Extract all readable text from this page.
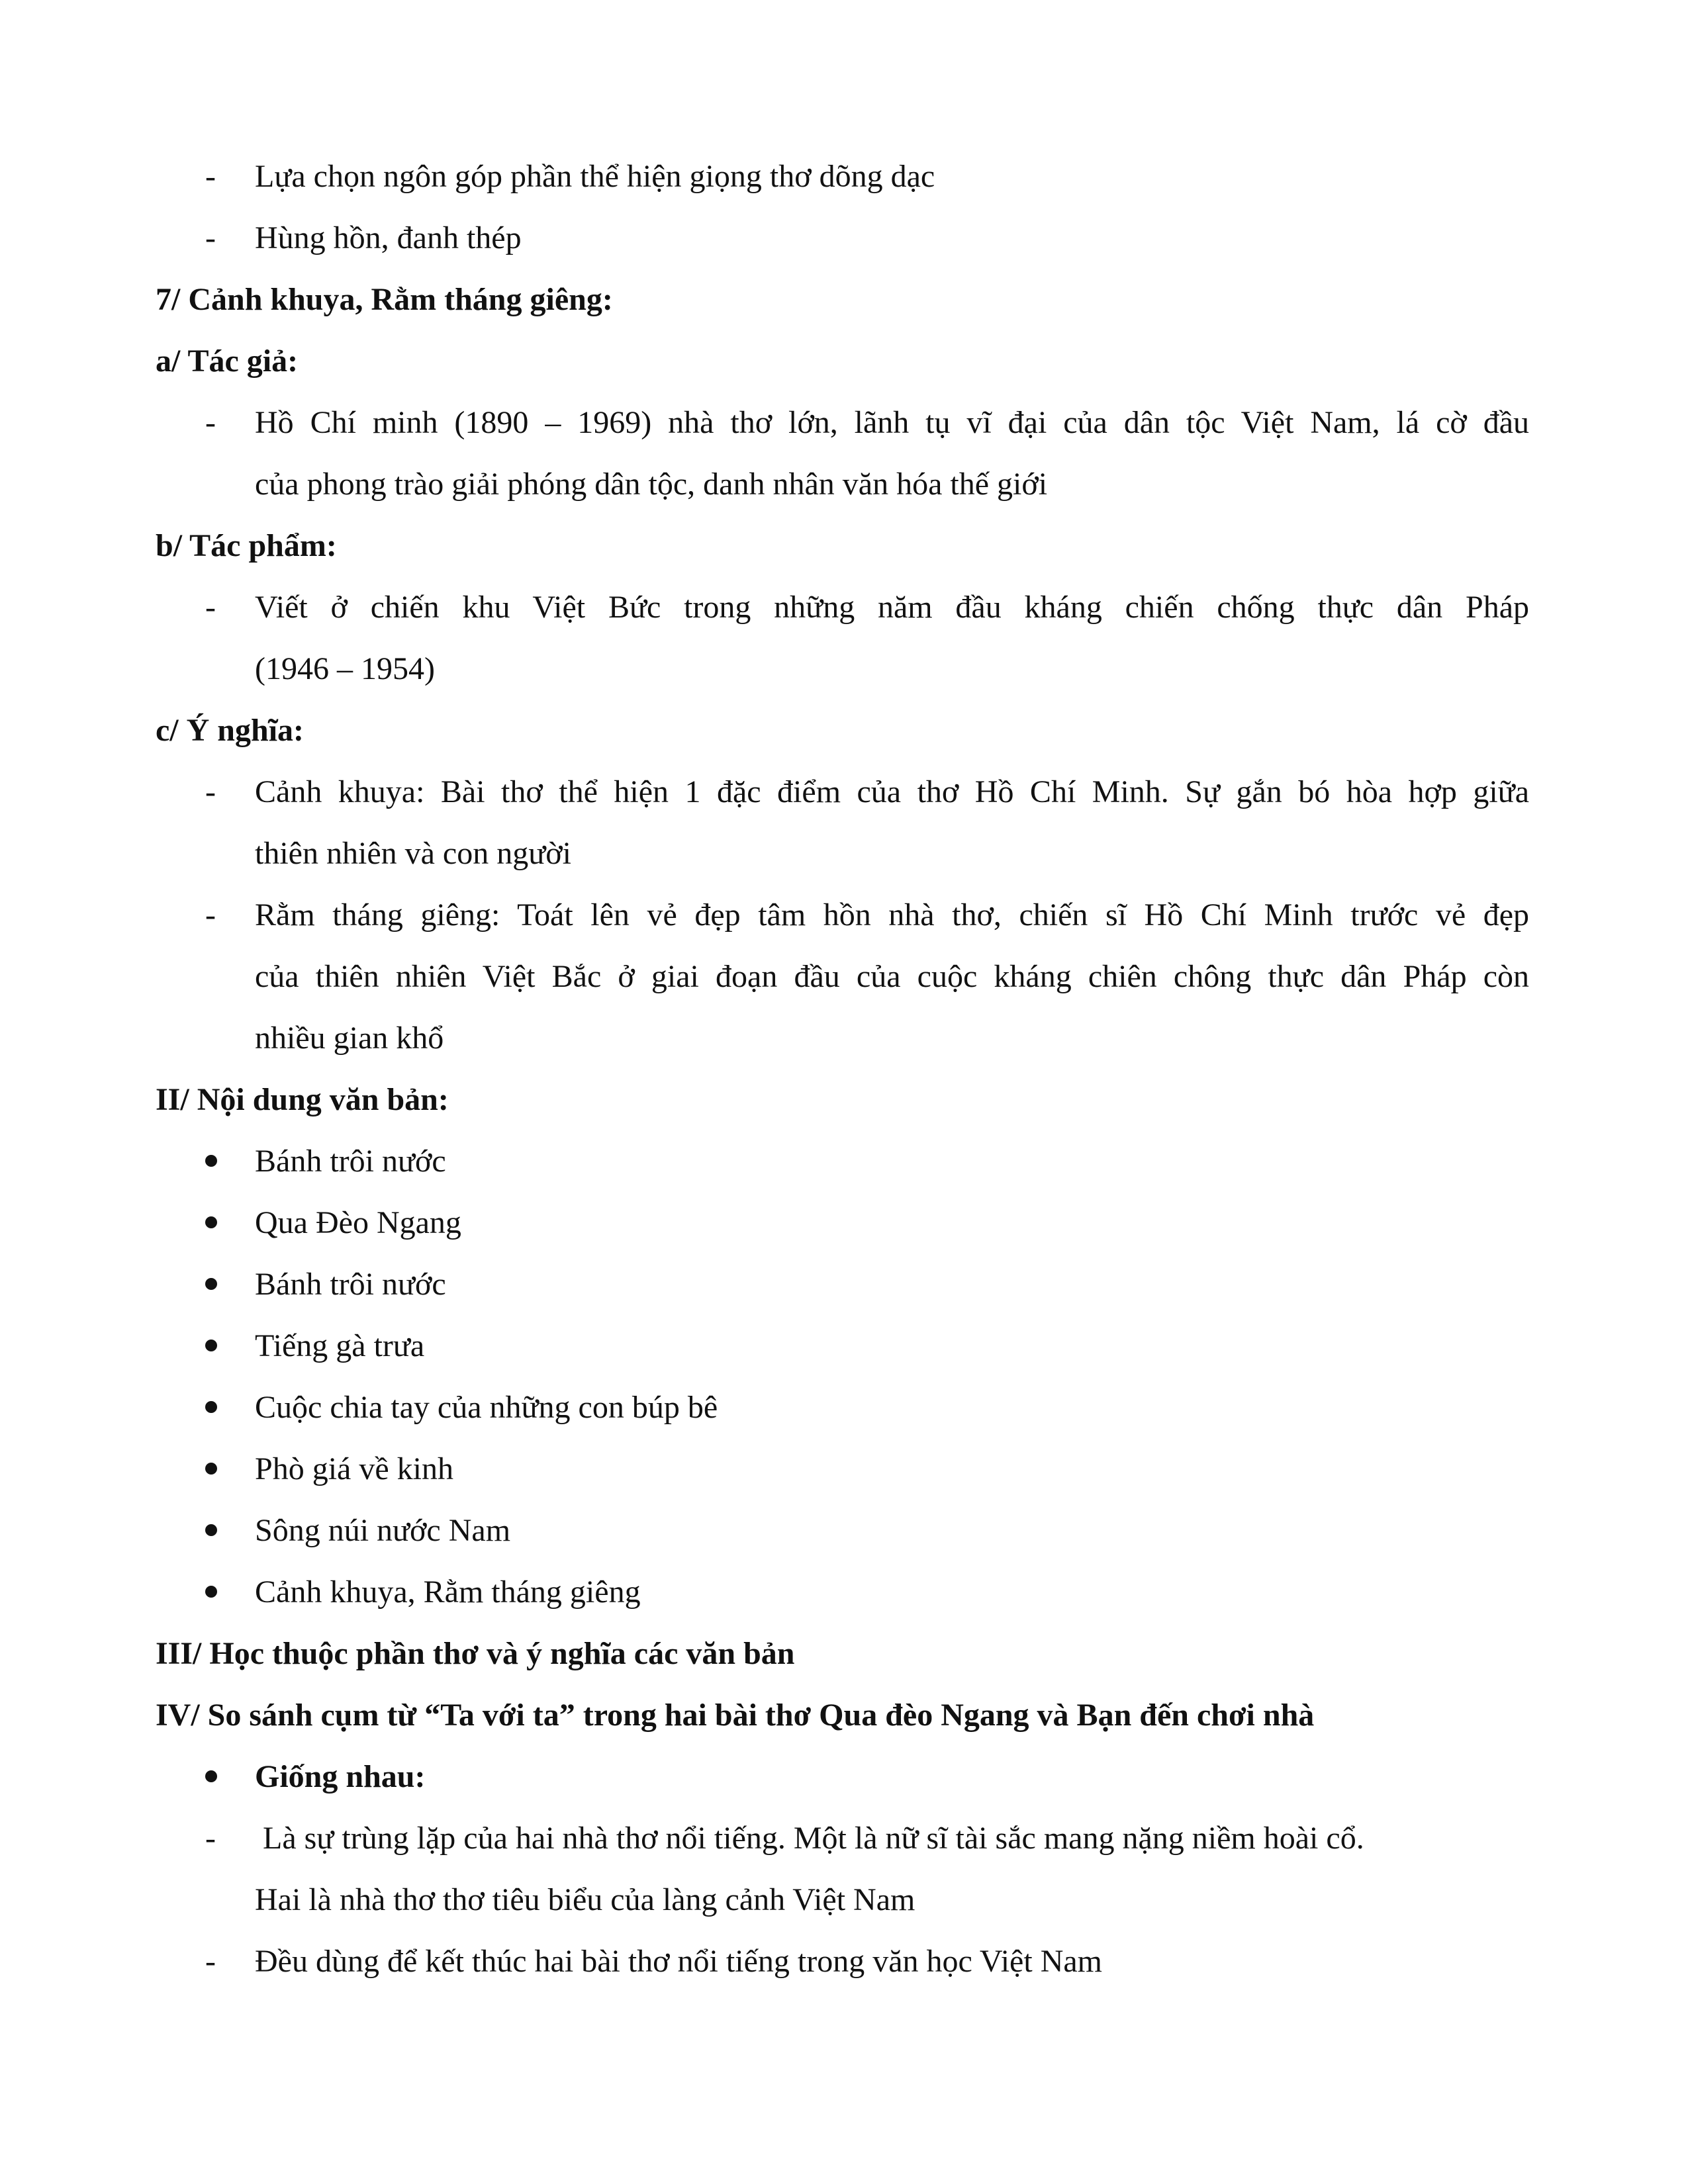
- Lựa chọn ngôn góp phần thể hiện giọng thơ dõng dạc
- Hùng hồn, đanh thép
7/ Cảnh khuya, Rằm tháng giêng:
a/ Tác giả:
- Hồ Chí minh (1890 – 1969) nhà thơ lớn, lãnh tụ vĩ đại của dân tộc Việt Nam, lá cờ đầu
của phong trào giải phóng dân tộc, danh nhân văn hóa thế giới
b/ Tác phẩm:
- Viết ở chiến khu Việt Bức trong những năm đầu kháng chiến chống thực dân Pháp
(1946 – 1954)
c/ Ý nghĩa:
- Cảnh khuya: Bài thơ thể hiện 1 đặc điểm của thơ Hồ Chí Minh. Sự gắn bó hòa hợp giữa
thiên nhiên và con người
- Rằm tháng giêng: Toát lên vẻ đẹp tâm hồn nhà thơ, chiến sĩ Hồ Chí Minh trước vẻ đẹp
của thiên nhiên Việt Bắc ở giai đoạn đầu của cuộc kháng chiên chông thực dân Pháp còn
nhiều gian khổ
II/ Nội dung văn bản:
Bánh trôi nước
Qua Đèo Ngang
Bánh trôi nước
Tiếng gà trưa
Cuộc chia tay của những con búp bê
Phò giá về kinh
Sông núi nước Nam
Cảnh khuya, Rằm tháng giêng
III/ Học thuộc phần thơ và ý nghĩa các văn bản
IV/ So sánh cụm từ “Ta với ta” trong hai bài thơ Qua đèo Ngang và Bạn đến chơi nhà
Giống nhau:
- Là sự trùng lặp của hai nhà thơ nổi tiếng. Một là nữ sĩ tài sắc mang nặng niềm hoài cổ.
Hai là nhà thơ thơ tiêu biểu của làng cảnh Việt Nam
- Đều dùng để kết thúc hai bài thơ nổi tiếng trong văn học Việt Nam
